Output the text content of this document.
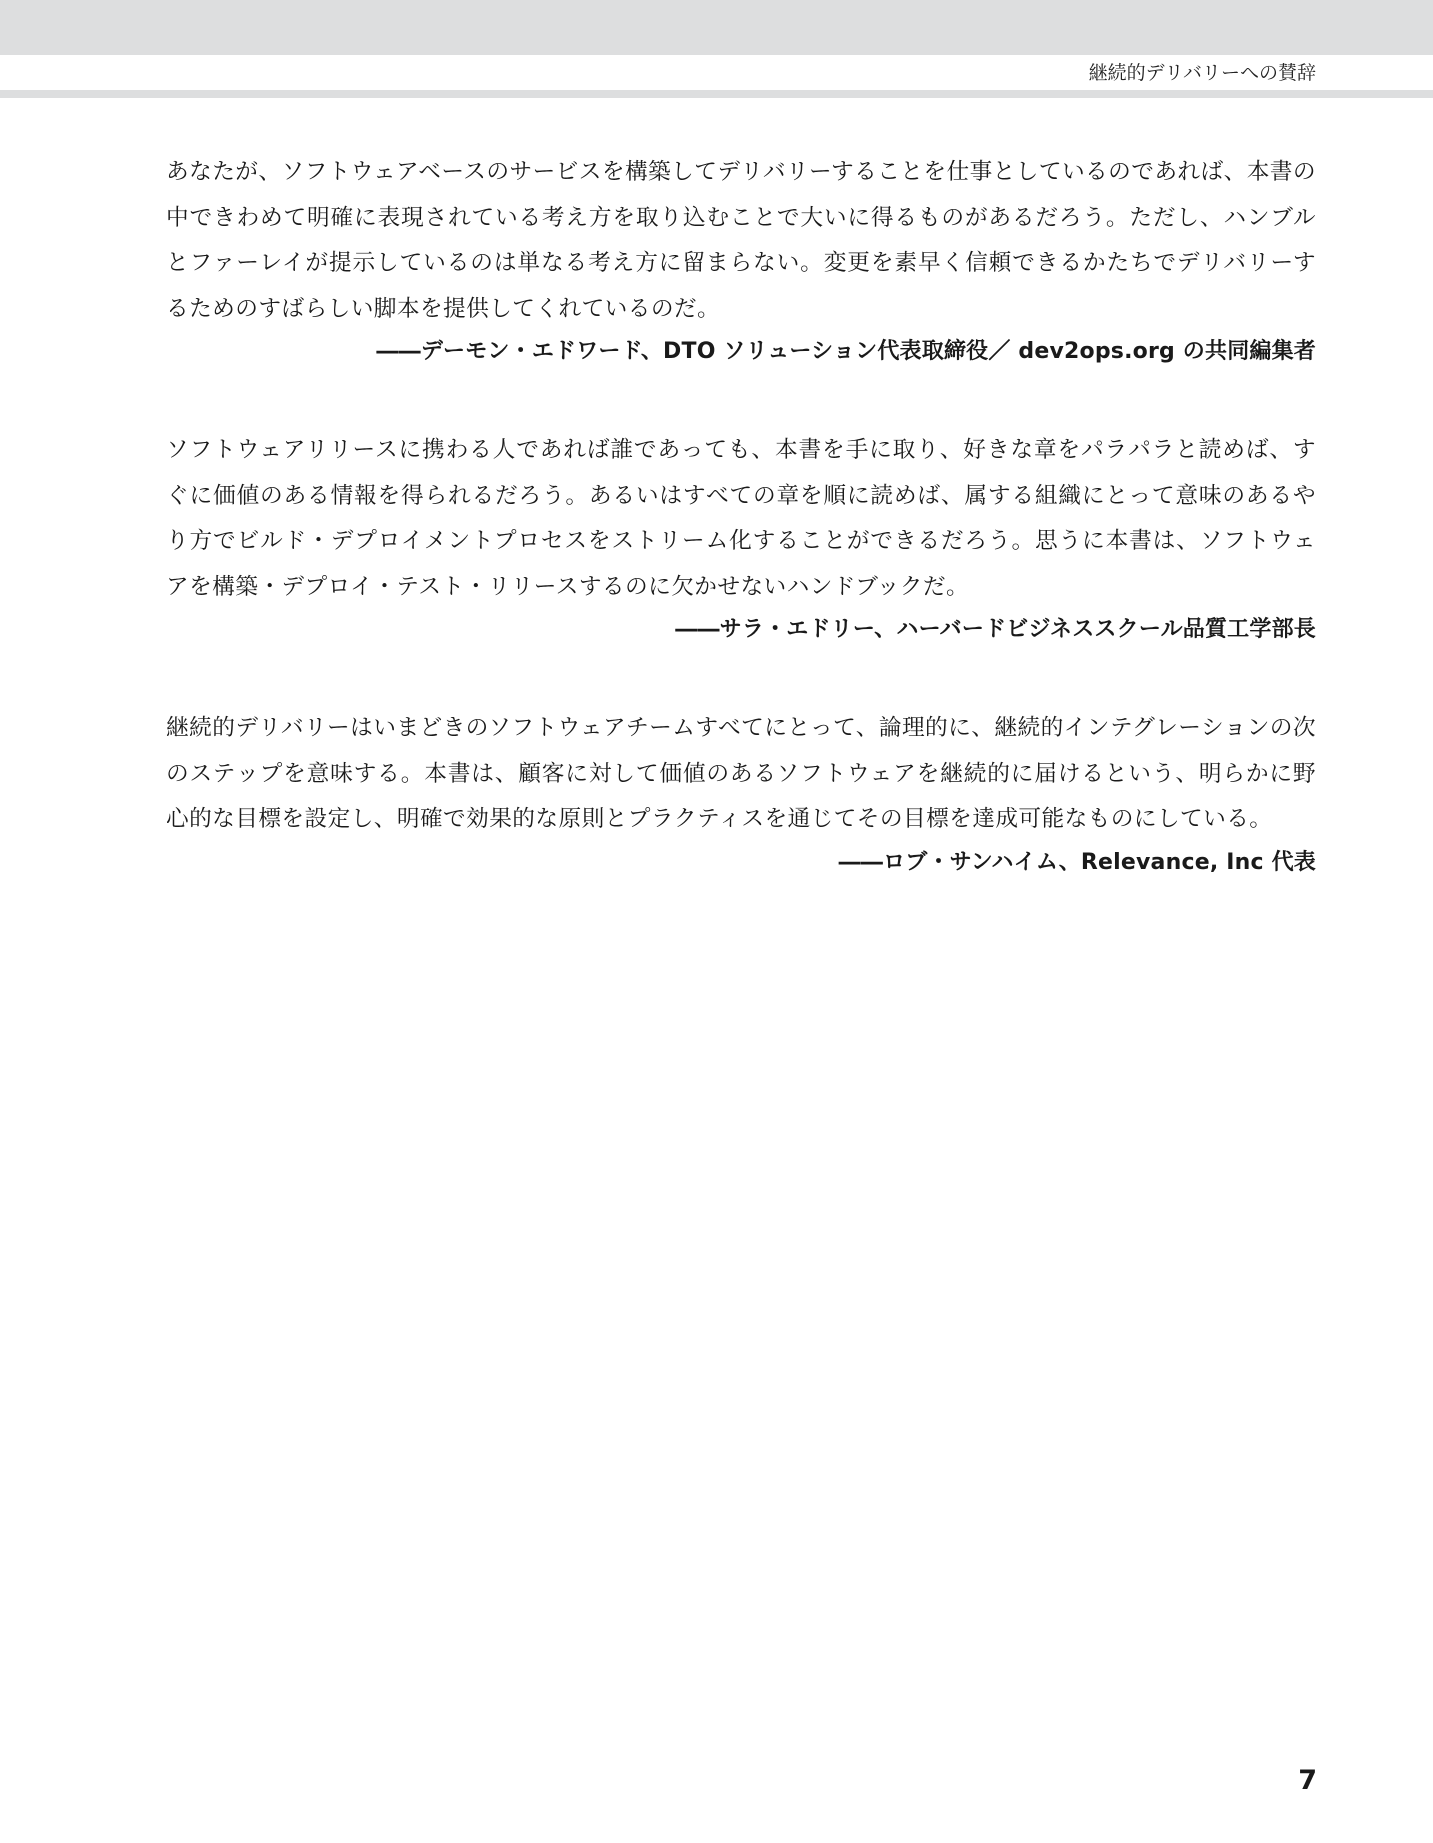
継続的デリバリーへの賛辞

あなたが、ソフトウェアベースのサービスを構築してデリバリーすることを仕事としているのであれば、本書の中できわめて明確に表現されている考え方を取り込むことで大いに得るものがあるだろう。ただし、ハンブルとファーレイが提示しているのは単なる考え方に留まらない。変更を素早く信頼できるかたちでデリバリーするためのすばらしい脚本を提供してくれているのだ。

――デーモン・エドワード、DTO ソリューション代表取締役／ dev2ops.org の共同編集者

ソフトウェアリリースに携わる人であれば誰であっても、本書を手に取り、好きな章をパラパラと読めば、すぐに価値のある情報を得られるだろう。あるいはすべての章を順に読めば、属する組織にとって意味のあるやり方でビルド・デプロイメントプロセスをストリーム化することができるだろう。思うに本書は、ソフトウェアを構築・デプロイ・テスト・リリースするのに欠かせないハンドブックだ。

――サラ・エドリー、ハーバードビジネススクール品質工学部長

継続的デリバリーはいまどきのソフトウェアチームすべてにとって、論理的に、継続的インテグレーションの次のステップを意味する。本書は、顧客に対して価値のあるソフトウェアを継続的に届けるという、明らかに野心的な目標を設定し、明確で効果的な原則とプラクティスを通じてその目標を達成可能なものにしている。

――ロブ・サンハイム、Relevance, Inc 代表
7
